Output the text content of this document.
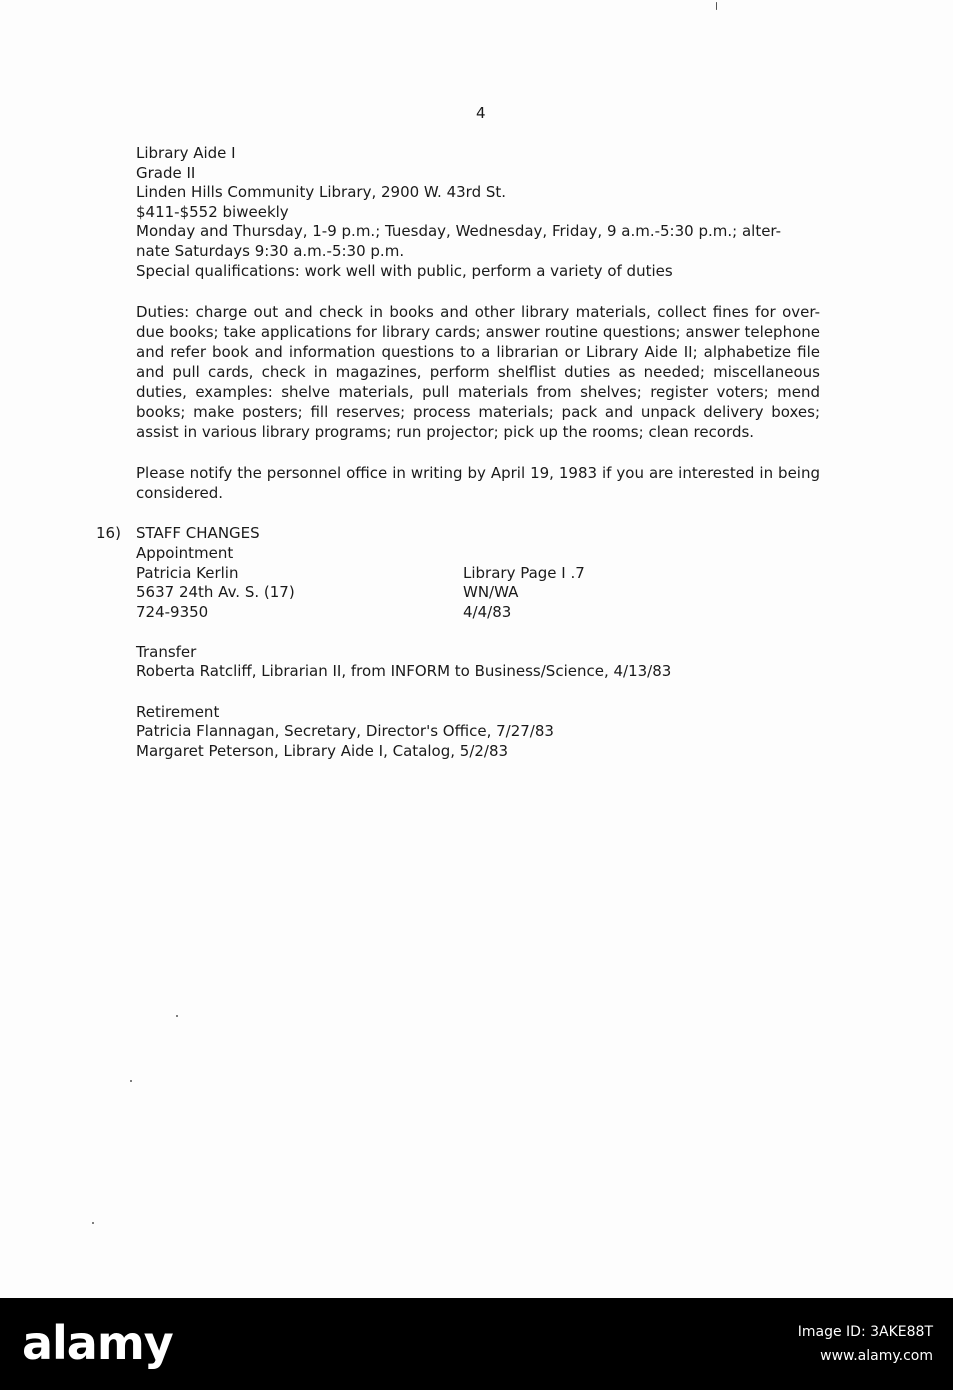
4
Library Aide I
Grade II
Linden Hills Community Library, 2900 W. 43rd St.
$411-$552 biweekly
Monday and Thursday, 1-9 p.m.; Tuesday, Wednesday, Friday, 9 a.m.-5:30 p.m.; alter-
nate Saturdays 9:30 a.m.-5:30 p.m.
Special qualifications: work well with public, perform a variety of duties
Duties: charge out and check in books and other library materials, collect fines for over-due books; take applications for library cards; answer routine questions; answer telephone and refer book and information questions to a librarian or Library Aide II; alphabetize file and pull cards, check in magazines, perform shelflist duties as needed; miscellaneous duties, examples: shelve materials, pull materials from shelves; register voters; mend books; make posters; fill reserves; process materials; pack and unpack delivery boxes; assist in various library programs; run projector; pick up the rooms; clean records.
Please notify the personnel office in writing by April 19, 1983 if you are interested in being considered.
16) STAFF CHANGES
Appointment
Patricia Kerlin
5637 24th Av. S. (17)
724-9350
Library Page I .7
WN/WA
4/4/83
Transfer
Roberta Ratcliff, Librarian II, from INFORM to Business/Science, 4/13/83
Retirement
Patricia Flannagan, Secretary, Director's Office, 7/27/83
Margaret Peterson, Library Aide I, Catalog, 5/2/83
alamy	Image ID: 3AKE88T
www.alamy.com
